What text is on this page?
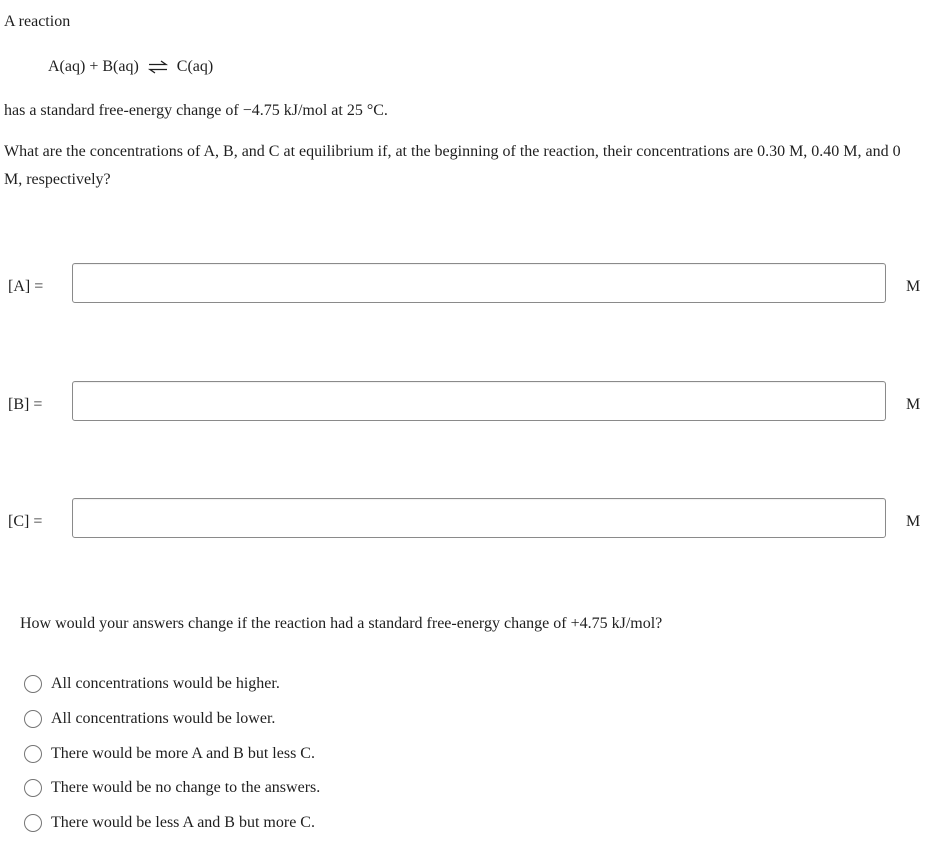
A reaction
A(aq) + B(aq) ⇌ C(aq)
has a standard free-energy change of −4.75 kJ/mol at 25 °C.
What are the concentrations of A, B, and C at equilibrium if, at the beginning of the reaction, their concentrations are 0.30 M, 0.40 M, and 0 M, respectively?
[A] =	M
[B] =	M
[C] =	M
How would your answers change if the reaction had a standard free-energy change of +4.75 kJ/mol?
All concentrations would be higher.
All concentrations would be lower.
There would be more A and B but less C.
There would be no change to the answers.
There would be less A and B but more C.
